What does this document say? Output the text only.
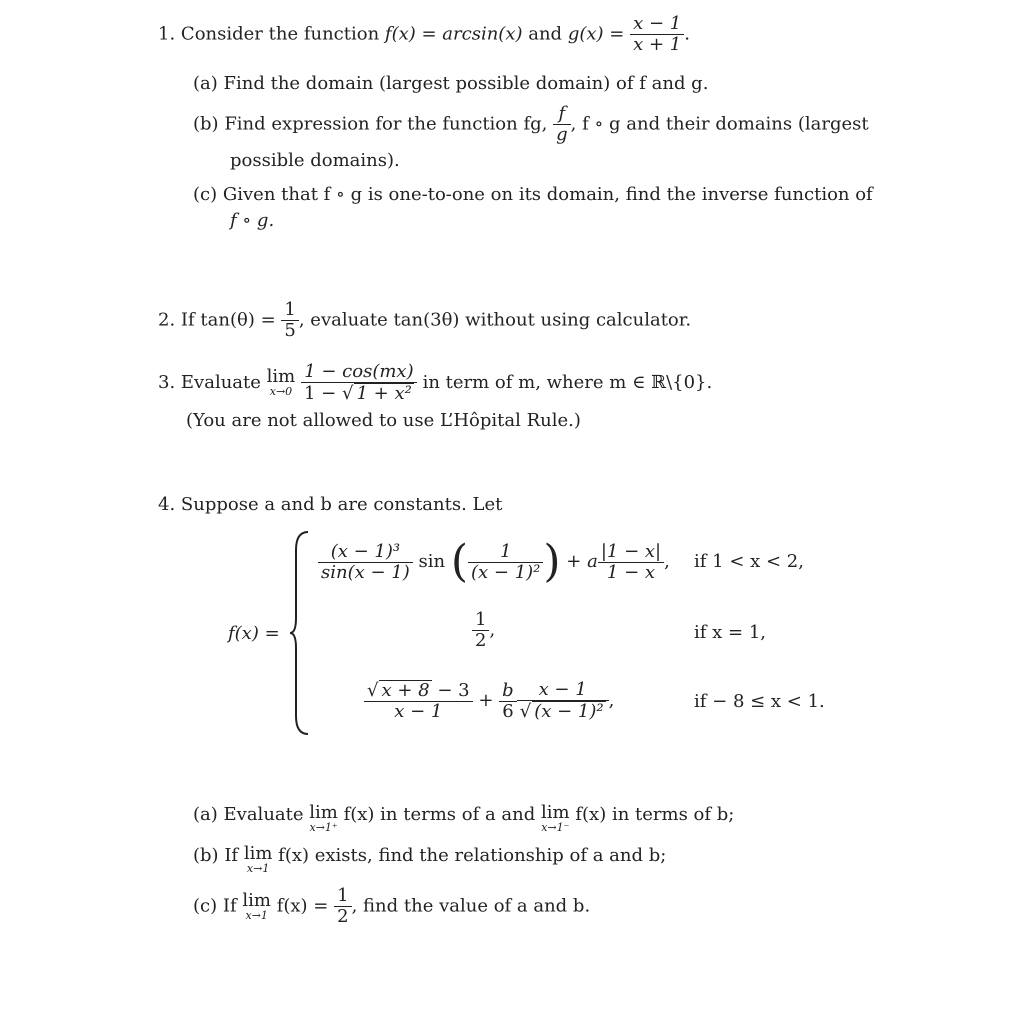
1. Consider the function f(x) = arcsin(x) and $g(x) = \frac{x - 1}{x + 1}$ .
(a) Find the domain (largest possible domain) of f and g.
(b) Find expression for the function fg, $\frac{f}{g}$ , f ∘ g and their domains (largest
possible domains).
(c) Given that f ∘ g is one-to-one on its domain, find the inverse function of
f ∘ g.
2. If $\tan(\theta) = \frac{1}{5}$ , evaluate tan(3θ) without using calculator.
3. Evaluate lim
x→0
$\frac{1 - \cos(mx)}{\text{1 − √ 1 + x²}}$ in term of m, where m ∈ ℝ\{0}.
(You are not allowed to use L’Hôpital Rule.)
4. Suppose a and b are constants. Let
f(x) =
$\frac{\text{(x − 1)³}}{\sin(x - 1)}$ sin ( $\frac{1}{\text{(x − 1)²}}$ ) + a $\frac{|1 - x|}{1 - x}$ , if 1 < x < 2,
$\frac{1}{2}$ ,	if x = 1,
$\frac{√ x + 8 - 3}{x - 1} + \frac{b}{6} \frac{x - 1}{\text{√ (x − 1)²}}$ ,	if − 8 ≤ x < 1.
(a) Evaluate lim
x→1⁺
f(x) in terms of a and lim
x→1⁻
f(x) in terms of b;
(b) If lim
x→1
f(x) exists, find the relationship of a and b;
(c) If lim
x→1 $f(x) = \frac{1}{2}$ , find the value of a and b.
